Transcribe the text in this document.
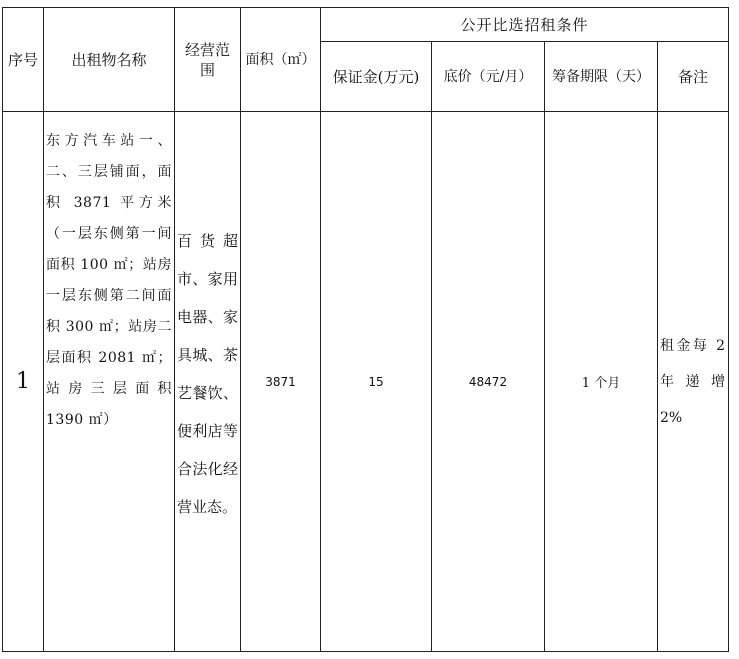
序号	出租物名称	经营范围	面积（㎡）	公开比选招租条件			
				保证金(万元)	底价（元/月）	筹备期限（天）	备注
1	东方汽车站一、二、三层铺面，面积 3871 平方米（一层东侧第一间面积 100 ㎡；站房一层东侧第二间面积 300 ㎡；站房二层面积 2081 ㎡；站房三层面积 1390 ㎡）	百货超市、家用电器、家具城、茶艺餐饮、便利店等合法化经营业态。	3871	15	48472	1 个月	租金每 2 年递增 2%
